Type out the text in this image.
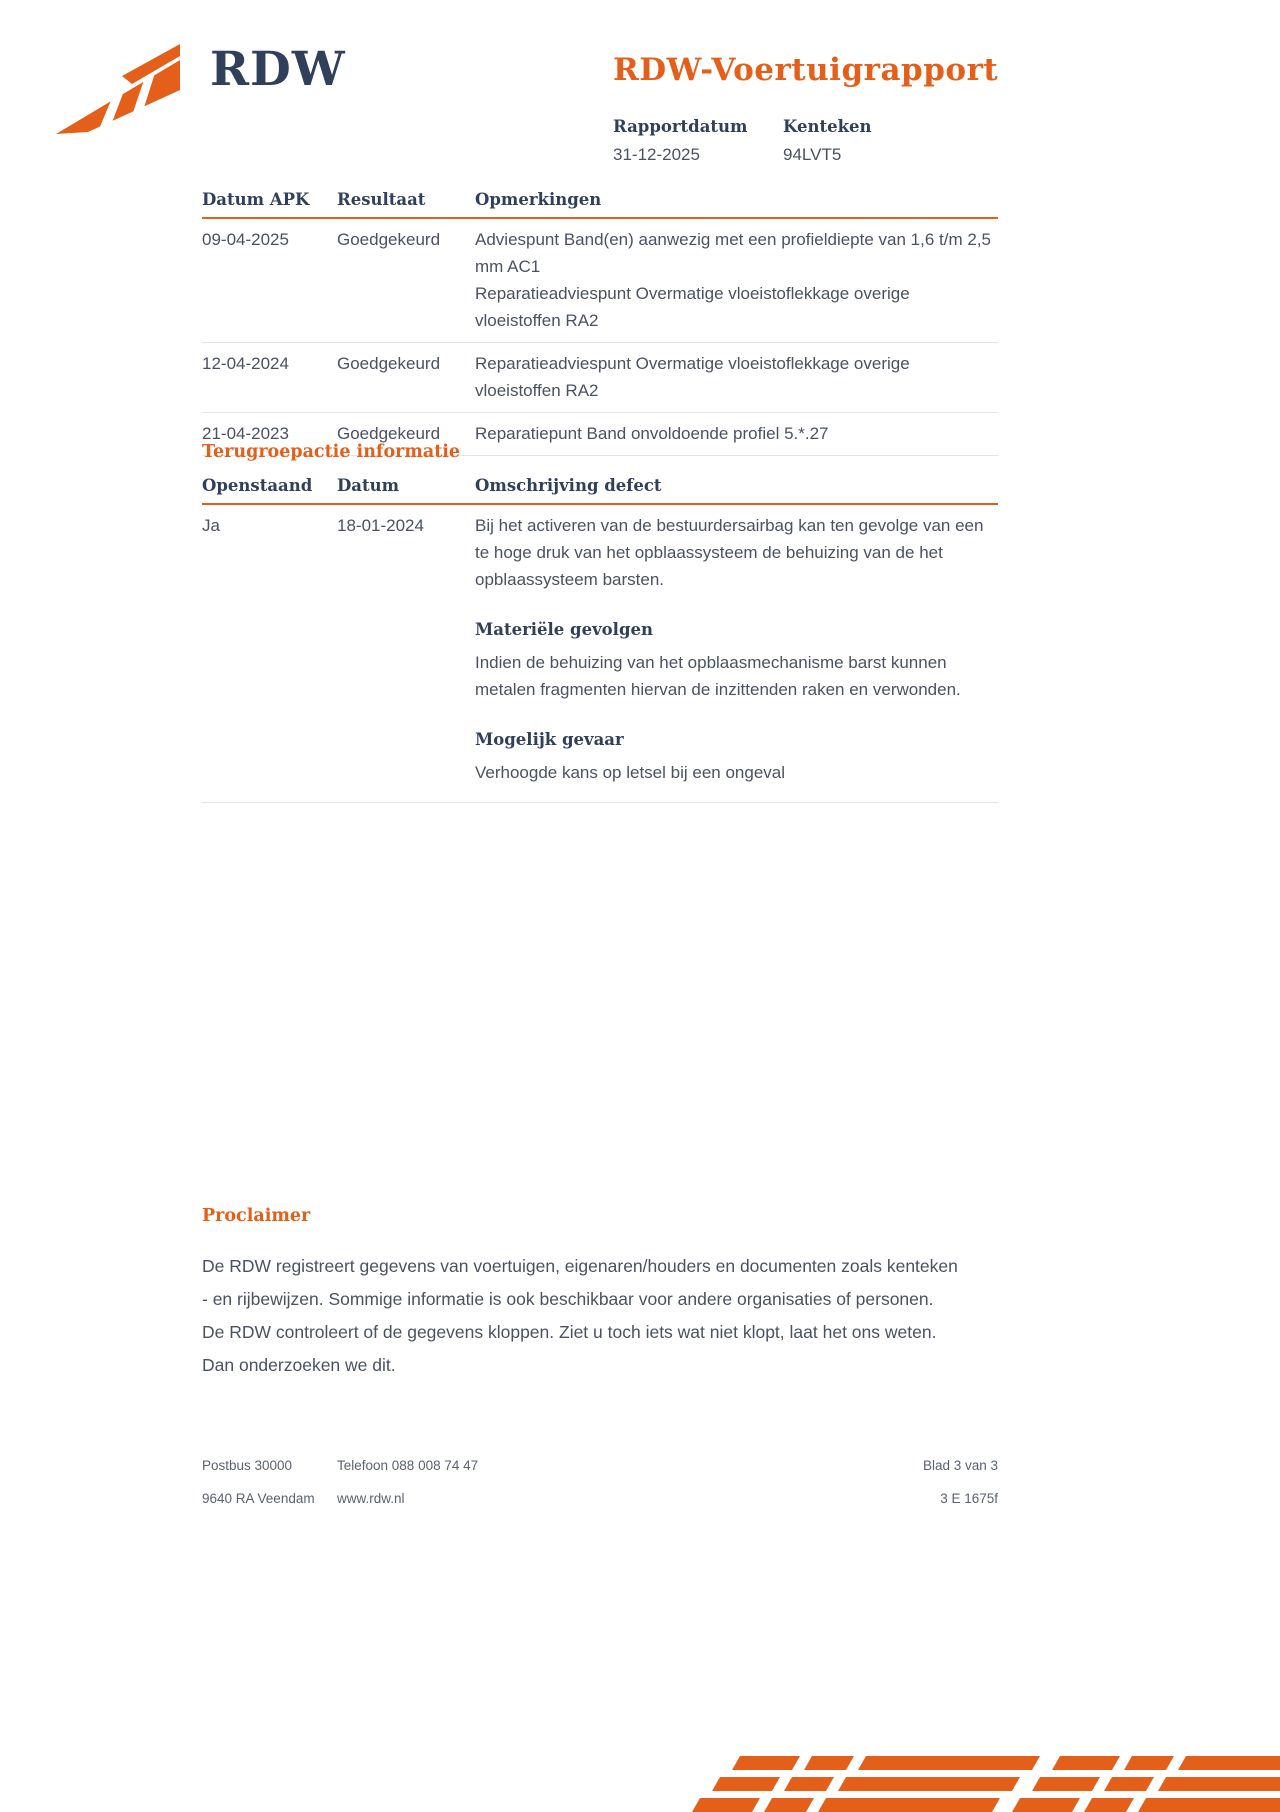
RDW	RDW-Voertuigrapport
Rapportdatum
31-12-2025
Kenteken
94LVT5
Datum APK	Resultaat	Opmerkingen
09-04-2025	Goedgekeurd	Adviespunt Band(en) aanwezig met een profieldiepte van 1,6 t/m 2,5 mm AC1

Reparatieadviespunt Overmatige vloeistoflekkage overige vloeistoffen RA2

12-04-2024	Goedgekeurd	Reparatieadviespunt Overmatige vloeistoflekkage overige vloeistoffen RA2

21-04-2023	Goedgekeurd	Reparatiepunt Band onvoldoende profiel 5.*.27

Terugroepactie informatie
Openstaand	Datum	Omschrijving defect
Ja	18-01-2024	Bij het activeren van de bestuurdersairbag kan ten gevolge van een te hoge druk van het opblaassysteem de behuizing van de het opblaassysteem barsten.

Materiële gevolgen

Indien de behuizing van het opblaasmechanisme barst kunnen metalen fragmenten hiervan de inzittenden raken en verwonden.

Mogelijk gevaar

Verhoogde kans op letsel bij een ongeval

Proclaimer

De RDW registreert gegevens van voertuigen, eigenaren/houders en documenten zoals kenteken - en rijbewijzen. Sommige informatie is ook beschikbaar voor andere organisaties of personen. De RDW controleert of de gegevens kloppen. Ziet u toch iets wat niet klopt, laat het ons weten. Dan onderzoeken we dit.

Postbus 30000	Telefoon 088 008 74 47	Blad 3 van 3
9640 RA Veendam www.rdw.nl	3 E 1675f
